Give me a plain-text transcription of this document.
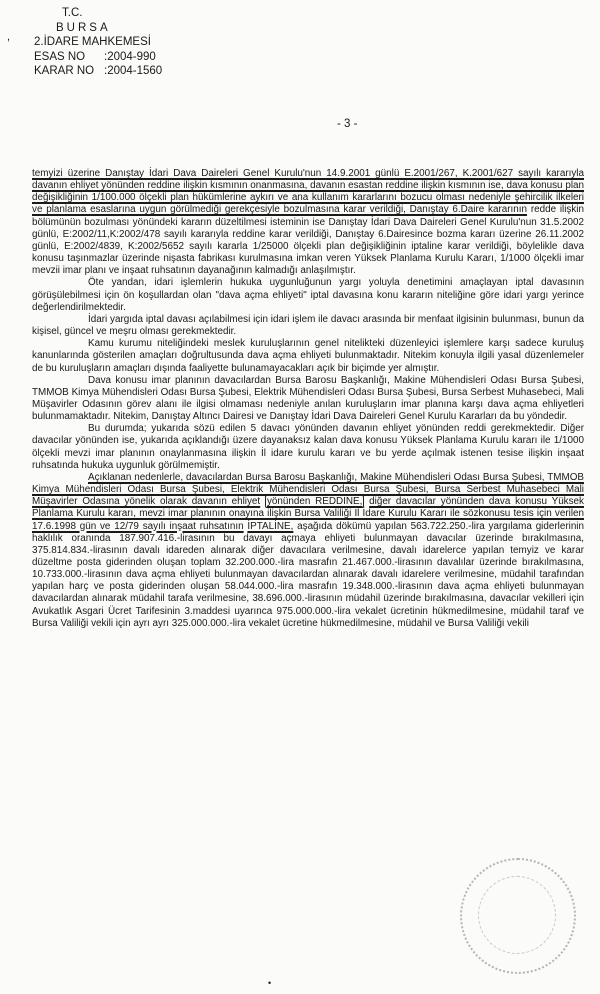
,
T.C.
BURSA
2.İDARE MAHKEMESİ
ESAS NO :2004-990
KARAR NO :2004-1560
- 3 -

temyizi üzerine Danıştay İdari Dava Daireleri Genel Kurulu'nun 14.9.2001 günlü E.2001/267, K.2001/627 sayılı kararıyla davanın ehliyet yönünden reddine ilişkin kısmının onanmasına, davanın esastan reddine ilişkin kısmının ise, dava konusu plan değişikliğinin 1/100.000 ölçekli plan hükümlerine aykırı ve ana kullanım kararlarını bozucu olması nedeniyle şehircilik ilkeleri ve planlama esaslarına uygun görülmediği gerekçesiyle bozulmasına karar verildiği, Danıştay 6.Daire kararının redde ilişkin bölümünün bozulması yönündeki kararın düzeltilmesi isteminin ise Danıştay İdari Dava Daireleri Genel Kurulu'nun 31.5.2002 günlü, E:2002/11,K:2002/478 sayılı kararıyla reddine karar verildiği, Danıştay 6.Dairesince bozma kararı üzerine 26.11.2002 günlü, E:2002/4839, K:2002/5652 sayılı kararla 1/25000 ölçekli plan değişikliğinin iptaline karar verildiği, böylelikle dava konusu taşınmazlar üzerinde nişasta fabrikası kurulmasına imkan veren Yüksek Planlama Kurulu Kararı, 1/1000 ölçekli imar mevzii imar planı ve inşaat ruhsatının dayanağının kalmadığı anlaşılmıştır.

Öte yandan, idari işlemlerin hukuka uygunluğunun yargı yoluyla denetimini amaçlayan iptal davasının görüşülebilmesi için ön koşullardan olan "dava açma ehliyeti" iptal davasına konu kararın niteliğine göre idari yargı yerince değerlendirilmektedir.

İdari yargıda iptal davası açılabilmesi için idari işlem ile davacı arasında bir menfaat ilgisinin bulunması, bunun da kişisel, güncel ve meşru olması gerekmektedir.

Kamu kurumu niteliğindeki meslek kuruluşlarının genel nitelikteki düzenleyici işlemlere karşı sadece kuruluş kanunlarında gösterilen amaçları doğrultusunda dava açma ehliyeti bulunmaktadır. Nitekim konuyla ilgili yasal düzenlemeler de bu kuruluşların amaçları dışında faaliyette bulunamayacakları açık bir biçimde yer almıştır.

Dava konusu imar planının davacılardan Bursa Barosu Başkanlığı, Makine Mühendisleri Odası Bursa Şubesi, TMMOB Kimya Mühendisleri Odası Bursa Şubesi, Elektrik Mühendisleri Odası Bursa Şubesi, Bursa Serbest Muhasebeci, Mali Müşavirler Odasının görev alanı ile ilgisi olmaması nedeniyle anılan kuruluşların imar planına karşı dava açma ehliyetleri bulunmamaktadır. Nitekim, Danıştay Altıncı Dairesi ve Danıştay İdari Dava Daireleri Genel Kurulu Kararları da bu yöndedir.

Bu durumda; yukarıda sözü edilen 5 davacı yönünden davanın ehliyet yönünden reddi gerekmektedir. Diğer davacılar yönünden ise, yukarıda açıklandığı üzere dayanaksız kalan dava konusu Yüksek Planlama Kurulu kararı ile 1/1000 ölçekli mevzi imar planının onaylanmasına ilişkin İl idare kurulu kararı ve bu yerde açılmak istenen tesise ilişkin inşaat ruhsatında hukuka uygunluk görülmemiştir.

Açıklanan nedenlerle, davacılardan Bursa Barosu Başkanlığı, Makine Mühendisleri Odası Bursa Şubesi, TMMOB Kimya Mühendisleri Odası Bursa Şubesi, Elektrik Mühendisleri Odası Bursa Şubesi, Bursa Serbest Muhasebeci Mali Müşavirler Odasına yönelik olarak davanın ehliyet yönünden REDDİNE, diğer davacılar yönünden dava konusu Yüksek Planlama Kurulu kararı, mevzi imar planının onayına ilişkin Bursa Valiliği İl İdare Kurulu Kararı ile sözkonusu tesis için verilen 17.6.1998 gün ve 12/79 sayılı inşaat ruhsatının İPTALİNE, aşağıda dökümü yapılan 563.722.250.-lira yargılama giderlerinin haklılık oranında 187.907.416.-lirasının bu davayı açmaya ehliyeti bulunmayan davacılar üzerinde bırakılmasına, 375.814.834.-lirasının davalı idareden alınarak diğer davacılara verilmesine, davalı idarelerce yapılan temyiz ve karar düzeltme posta giderinden oluşan toplam 32.200.000.-lira masrafın 21.467.000.-lirasının davalılar üzerinde bırakılmasına, 10.733.000.-lirasının dava açma ehliyeti bulunmayan davacılardan alınarak davalı idarelere verilmesine, müdahil tarafından yapılan harç ve posta giderinden oluşan 58.044.000.-lira masrafın 19.348.000.-lirasının dava açma ehliyeti bulunmayan davacılardan alınarak müdahil tarafa verilmesine, 38.696.000.-lirasının müdahil üzerinde bırakılmasına, davacılar vekilleri için Avukatlık Asgari Ücret Tarifesinin 3.maddesi uyarınca 975.000.000.-lira vekalet ücretinin hükmedilmesine, müdahil taraf ve Bursa Valiliği vekili için ayrı ayrı 325.000.000.-lira vekalet ücretine hükmedilmesine, müdahil ve Bursa Valiliği vekili

•
